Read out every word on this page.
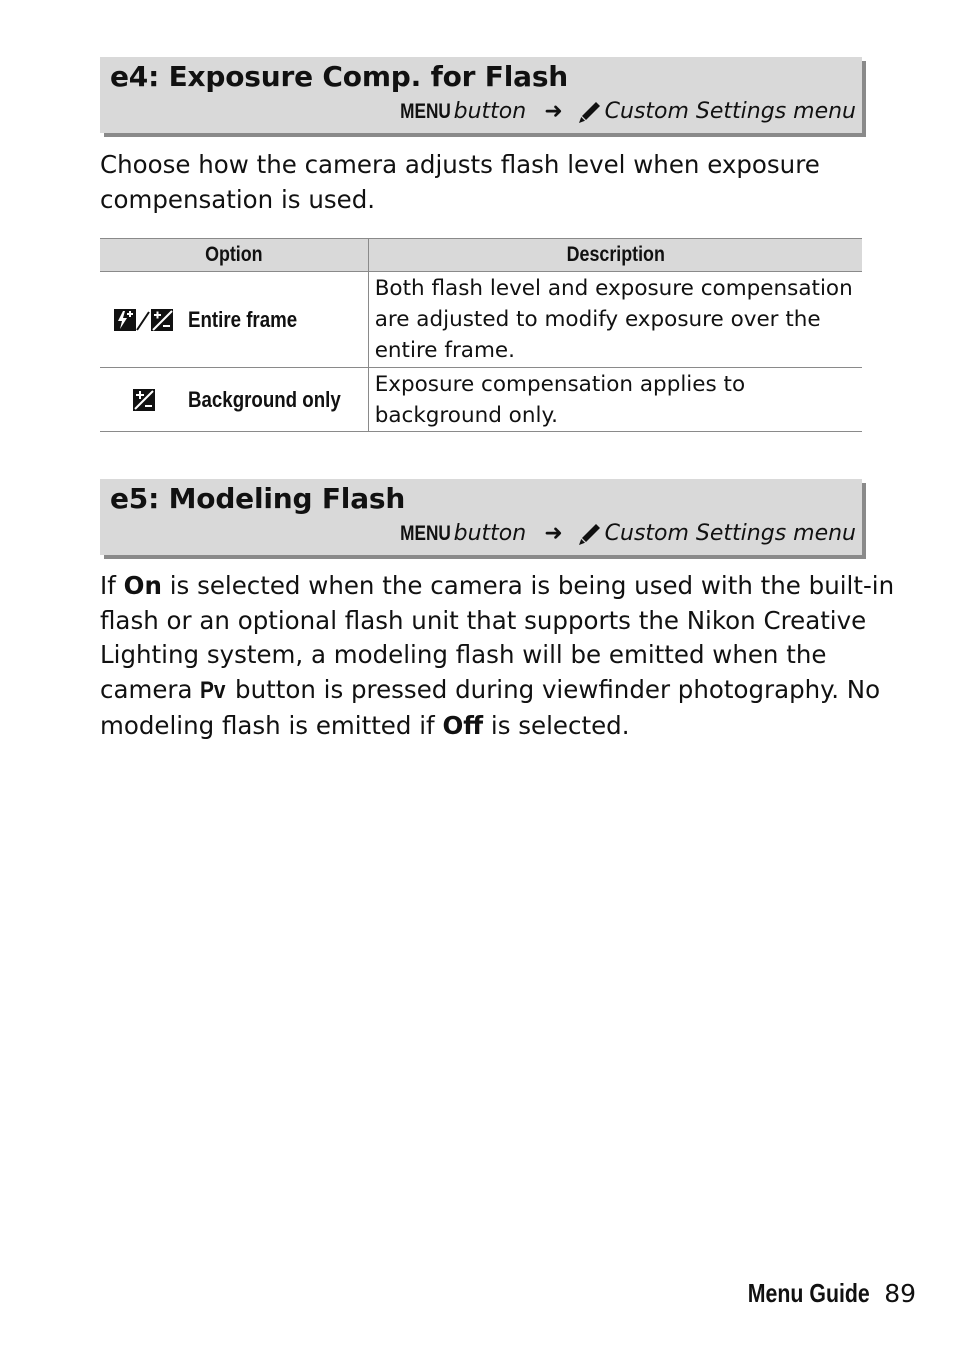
e4: Exposure Comp. for Flash
MENU
button ➜ Custom Settings menu
Choose how the camera adjusts flash level when exposure
compensation is used.
Option	Description

Entire frame	Both flash level and exposure compensation
are adjusted to modify exposure over the
entire frame.

Background only	Exposure compensation applies to
background only.
e5: Modeling Flash
MENU
button ➜ Custom Settings menu
If On is selected when the camera is being used with the built-in
flash or an optional flash unit that supports the Nikon Creative
Lighting system, a modeling flash will be emitted when the
camera Pv button is pressed during viewfinder photography. No
modeling flash is emitted if Off is selected.
Menu Guide
89
